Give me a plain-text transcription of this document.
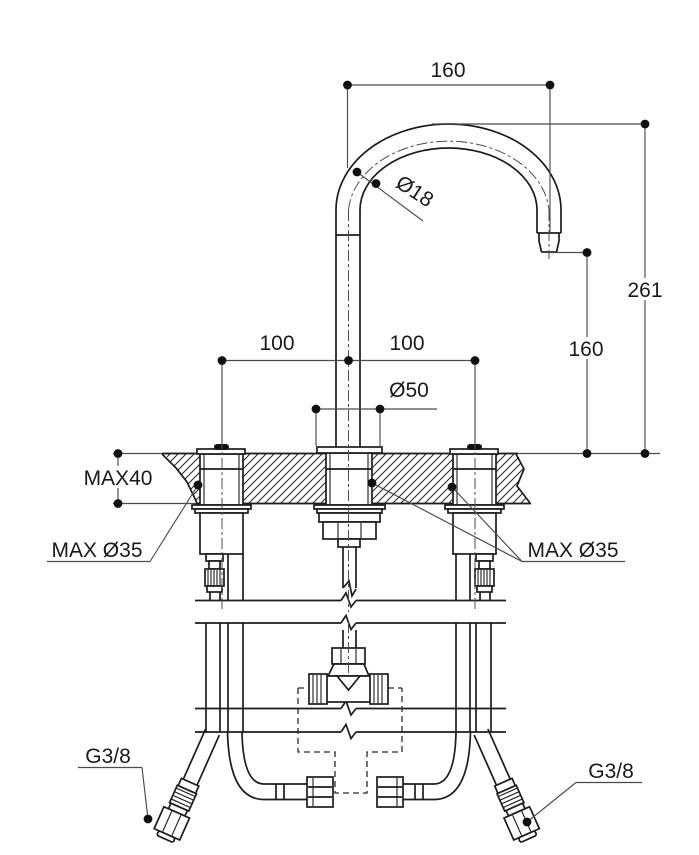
160
Ø18
261
160
100	100
Ø50
MAX40
MAX Ø35	MAX Ø35
G3/8
G3/8
